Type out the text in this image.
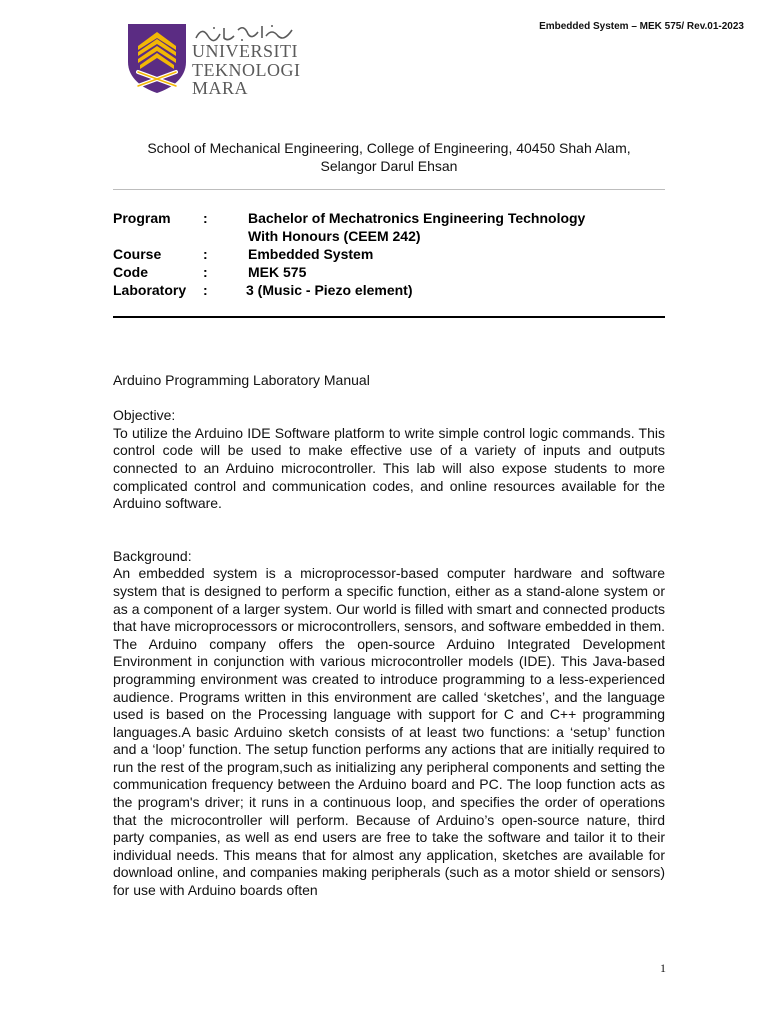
UNIVERSITI
TEKNOLOGI
MARA
Embedded System – MEK 575/ Rev.01-2023
School of Mechanical Engineering, College of Engineering, 40450 Shah Alam,
Selangor Darul Ehsan
Program :	Bachelor of Mechatronics Engineering Technology
With Honours (CEEM 242)
Course	:	Embedded System
Code	:	MEK 575
Laboratory :	3 (Music - Piezo element)

Arduino Programming Laboratory Manual

Objective:

To utilize the Arduino IDE Software platform to write simple control logic commands. This control code will be used to make effective use of a variety of inputs and outputs connected to an Arduino microcontroller. This lab will also expose students to more complicated control and communication codes, and online resources available for the Arduino software.

Background:

An embedded system is a microprocessor-based computer hardware and software system that is designed to perform a specific function, either as a stand-alone system or as a component of a larger system. Our world is filled with smart and connected products that have microprocessors or microcontrollers, sensors, and software embedded in them. The Arduino company offers the open-source Arduino Integrated Development Environment in conjunction with various microcontroller models (IDE). This Java-based programming environment was created to introduce programming to a less-experienced audience. Programs written in this environment are called ‘sketches’, and the language used is based on the Processing language with support for C and C++ programming languages.A basic Arduino sketch consists of at least two functions: a ‘setup’ function and a ‘loop’ function. The setup function performs any actions that are initially required to run the rest of the program,such as initializing any peripheral components and setting the communication frequency between the Arduino board and PC. The loop function acts as the program's driver; it runs in a continuous loop, and specifies the order of operations that the microcontroller will perform. Because of Arduino’s open-source nature, third party companies, as well as end users are free to take the software and tailor it to their individual needs. This means that for almost any application, sketches are available for download online, and companies making peripherals (such as a motor shield or sensors) for use with Arduino boards often

1
